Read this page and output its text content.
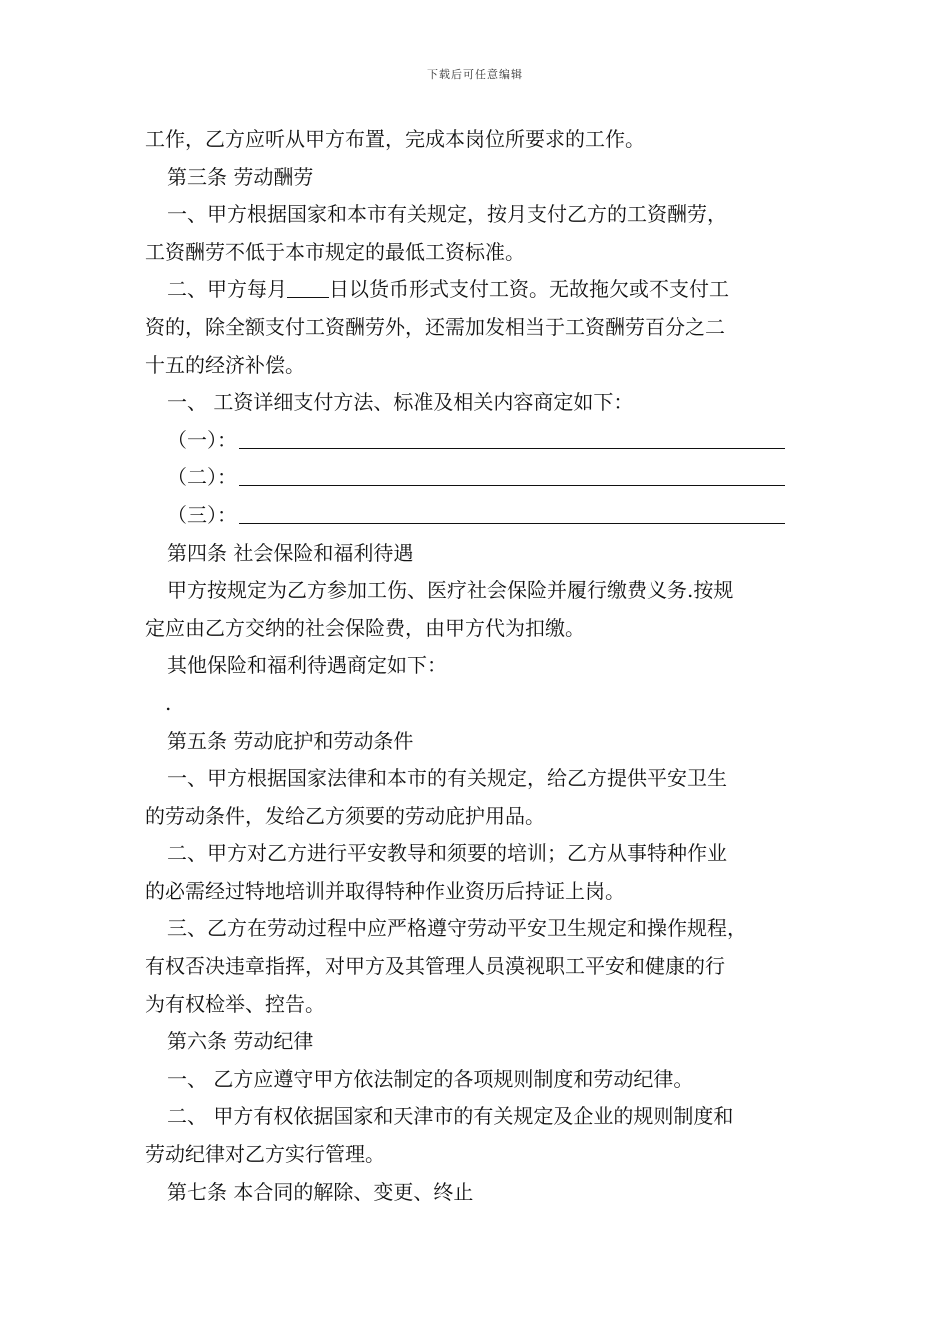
下载后可任意编辑
工作，乙方应听从甲方布置，完成本岗位所要求的工作。
第三条 劳动酬劳
一、甲方根据国家和本市有关规定，按月支付乙方的工资酬劳，
工资酬劳不低于本市规定的最低工资标准。
二、甲方每月 日以货币形式支付工资。无故拖欠或不支付工
资的，除全额支付工资酬劳外，还需加发相当于工资酬劳百分之二
十五的经济补偿。
一、 工资详细支付方法、标准及相关内容商定如下：
（一）：
（二）：
（三）：
第四条 社会保险和福利待遇
甲方按规定为乙方参加工伤、医疗社会保险并履行缴费义务.按规
定应由乙方交纳的社会保险费，由甲方代为扣缴。
其他保险和福利待遇商定如下：
.
第五条 劳动庇护和劳动条件
一、甲方根据国家法律和本市的有关规定，给乙方提供平安卫生
的劳动条件，发给乙方须要的劳动庇护用品。
二、甲方对乙方进行平安教导和须要的培训；乙方从事特种作业
的必需经过特地培训并取得特种作业资历后持证上岗。
三、乙方在劳动过程中应严格遵守劳动平安卫生规定和操作规程，
有权否决违章指挥，对甲方及其管理人员漠视职工平安和健康的行
为有权检举、控告。
第六条 劳动纪律
一、 乙方应遵守甲方依法制定的各项规则制度和劳动纪律。
二、 甲方有权依据国家和天津市的有关规定及企业的规则制度和
劳动纪律对乙方实行管理。
第七条 本合同的解除、变更、终止
